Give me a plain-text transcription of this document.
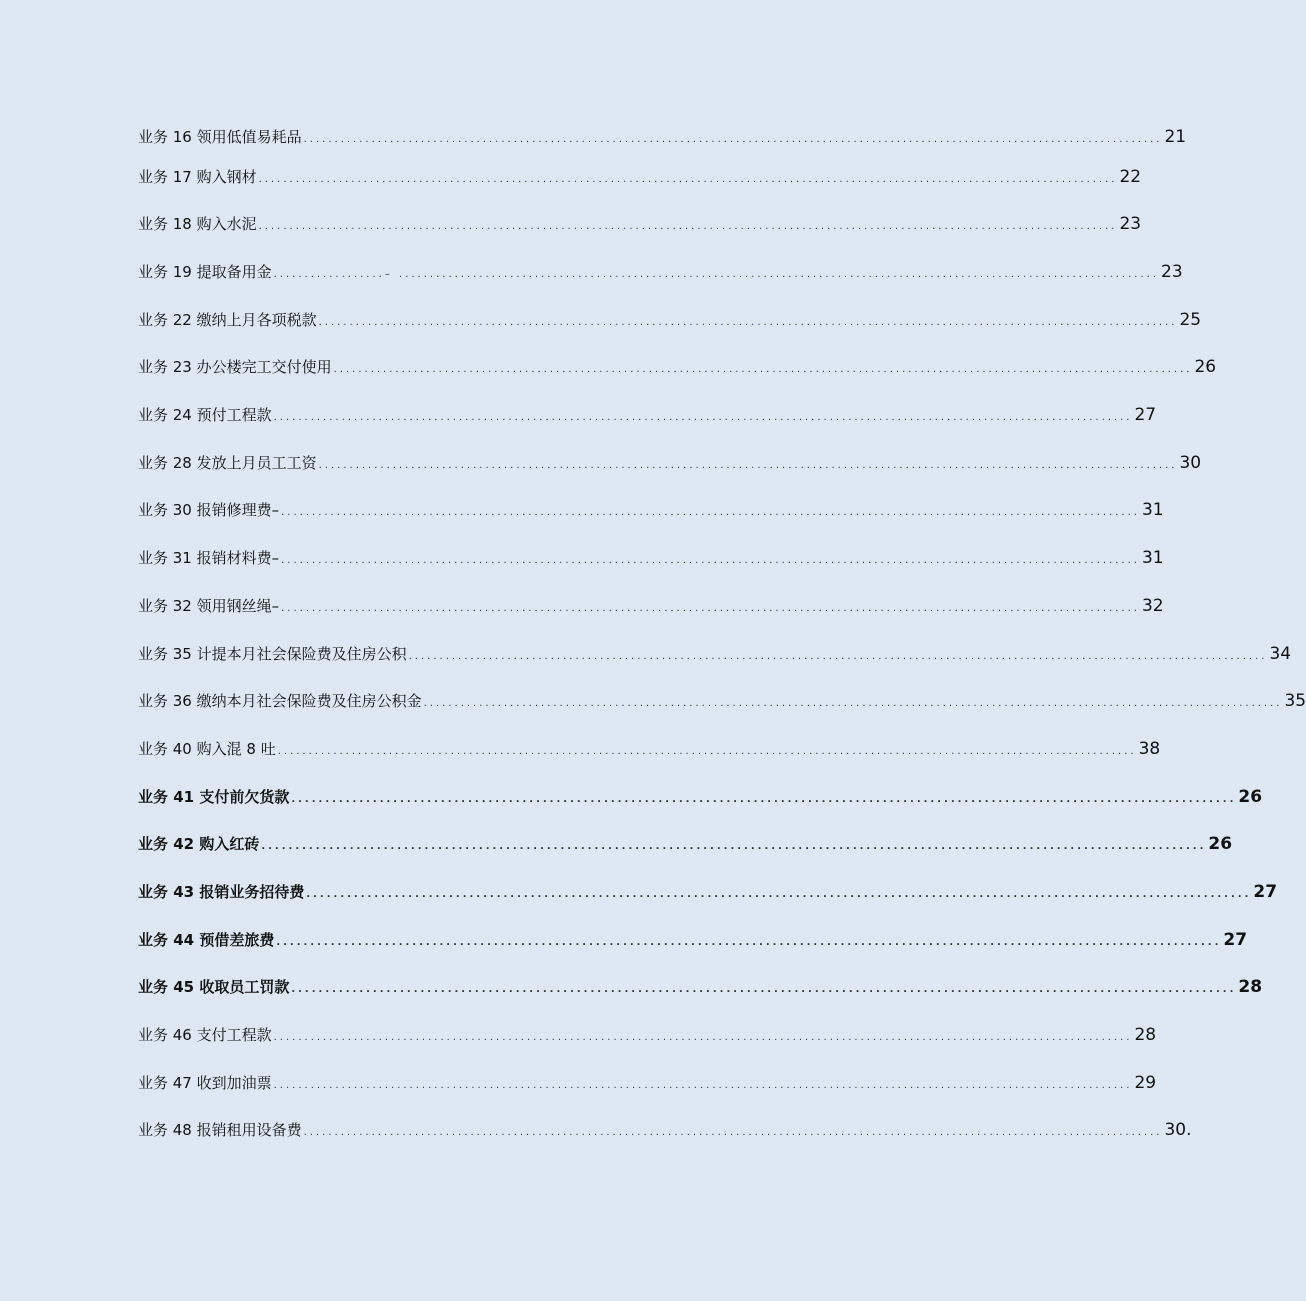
业务 16 领用低值易耗品 ........................................................................................................................................... 21
业务 17 购入钢材 ........................................................................................................................................... 22
业务 18 购入水泥 ........................................................................................................................................... 23
业务 19 提取备用金 ..................– ........................................................................................................................... 23
业务 22 缴纳上月各项税款 ........................................................................................................................................... 25
业务 23 办公楼完工交付使用 ........................................................................................................................................... 26
业务 24 预付工程款 ........................................................................................................................................... 27
业务 28 发放上月员工工资 ........................................................................................................................................... 30
业务 30 报销修理费– ........................................................................................................................................... 31
业务 31 报销材料费– ........................................................................................................................................... 31
业务 32 领用钢丝绳– ........................................................................................................................................... 32
业务 35 计提本月社会保险费及住房公积 ........................................................................................................................................... 34
业务 36 缴纳本月社会保险费及住房公积金 ........................................................................................................................................... 35
业务 40 购入混 8 吐 ........................................................................................................................................... 38
业务 41 支付前欠货款 ........................................................................................................................................... 26
业务 42 购入红砖 ........................................................................................................................................... 26
业务 43 报销业务招待费 ........................................................................................................................................... 27
业务 44 预借差旅费 ........................................................................................................................................... 27
业务 45 收取员工罚款 ........................................................................................................................................... 28
业务 46 支付工程款 ........................................................................................................................................... 28
业务 47 收到加油票 ........................................................................................................................................... 29
业务 48 报销租用设备费 ........................................................................................................................................... 30.
